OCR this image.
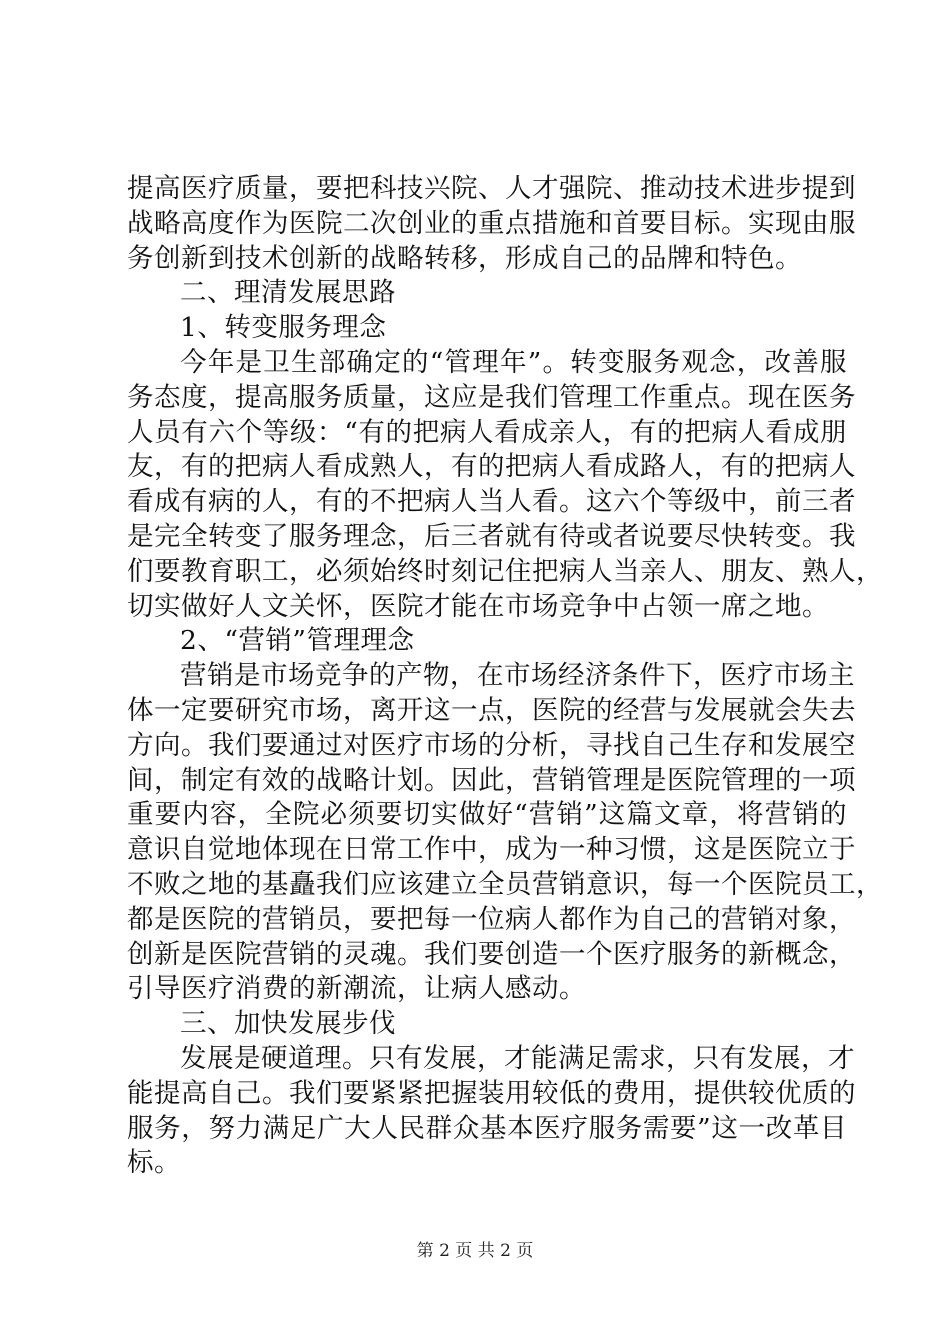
提高医疗质量，要把科技兴院、人才强院、推动技术进步提到
战略高度作为医院二次创业的重点措施和首要目标。实现由服
务创新到技术创新的战略转移，形成自己的品牌和特色。
二、理清发展思路
1、转变服务理念
今年是卫生部确定的“管理年”。转变服务观念，改善服
务态度，提高服务质量，这应是我们管理工作重点。现在医务
人员有六个等级：“有的把病人看成亲人，有的把病人看成朋
友，有的把病人看成熟人，有的把病人看成路人，有的把病人
看成有病的人，有的不把病人当人看。这六个等级中，前三者
是完全转变了服务理念，后三者就有待或者说要尽快转变。我
们要教育职工，必须始终时刻记住把病人当亲人、朋友、熟人，
切实做好人文关怀，医院才能在市场竞争中占领一席之地。
2、“营销”管理理念
营销是市场竞争的产物，在市场经济条件下，医疗市场主
体一定要研究市场，离开这一点，医院的经营与发展就会失去
方向。我们要通过对医疗市场的分析，寻找自己生存和发展空
间，制定有效的战略计划。因此，营销管理是医院管理的一项
重要内容，全院必须要切实做好“营销”这篇文章，将营销的
意识自觉地体现在日常工作中，成为一种习惯，这是医院立于
不败之地的基矗我们应该建立全员营销意识，每一个医院员工，
都是医院的营销员，要把每一位病人都作为自己的营销对象，
创新是医院营销的灵魂。我们要创造一个医疗服务的新概念，
引导医疗消费的新潮流，让病人感动。
三、加快发展步伐
发展是硬道理。只有发展，才能满足需求，只有发展，才
能提高自己。我们要紧紧把握装用较低的费用，提供较优质的
服务，努力满足广大人民群众基本医疗服务需要”这一改革目
标。
第 2 页 共 2 页
